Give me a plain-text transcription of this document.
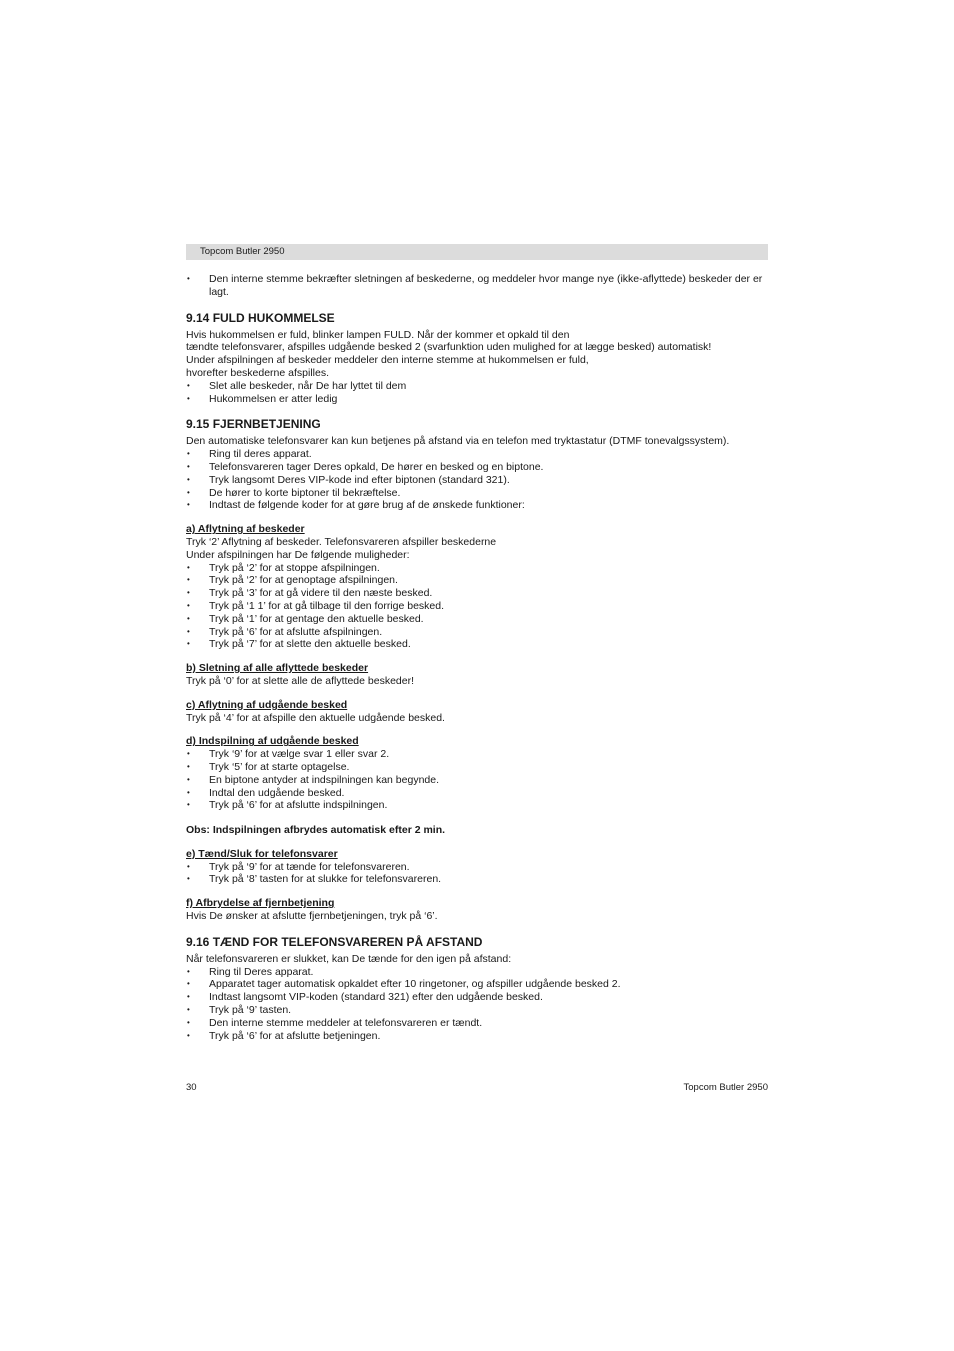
Topcom Butler 2950
• Den interne stemme bekræfter sletningen af beskederne, og meddeler hvor mange nye (ikke-aflyttede) beskeder der er lagt.
9.14 FULD HUKOMMELSE

Hvis hukommelsen er fuld, blinker lampen FULD. Når der kommer et opkald til den

tændte telefonsvarer, afspilles udgående besked 2 (svarfunktion uden mulighed for at lægge besked) automatisk!

Under afspilningen af beskeder meddeler den interne stemme at hukommelsen er fuld,

hvorefter beskederne afspilles.

• Slet alle beskeder, når De har lyttet til dem
• Hukommelsen er atter ledig
9.15 FJERNBETJENING

Den automatiske telefonsvarer kan kun betjenes på afstand via en telefon med tryktastatur (DTMF tonevalgssystem).

• Ring til deres apparat.
• Telefonsvareren tager Deres opkald, De hører en besked og en biptone.
• Tryk langsomt Deres VIP-kode ind efter biptonen (standard 321).
• De hører to korte biptoner til bekræftelse.
• Indtast de følgende koder for at gøre brug af de ønskede funktioner:
a) Aflytning af beskeder

Tryk ‘2’ Aflytning af beskeder. Telefonsvareren afspiller beskederne

Under afspilningen har De følgende muligheder:

• Tryk på ‘2’ for at stoppe afspilningen.
• Tryk på ‘2’ for at genoptage afspilningen.
• Tryk på ‘3’ for at gå videre til den næste besked.
• Tryk på ‘1 1’ for at gå tilbage til den forrige besked.
• Tryk på ‘1’ for at gentage den aktuelle besked.
• Tryk på ‘6’ for at afslutte afspilningen.
• Tryk på ‘7’ for at slette den aktuelle besked.
b) Sletning af alle aflyttede beskeder

Tryk på ‘0’ for at slette alle de aflyttede beskeder!

c) Aflytning af udgående besked

Tryk på ‘4’ for at afspille den aktuelle udgående besked.

d) Indspilning af udgående besked
• Tryk ‘9’ for at vælge svar 1 eller svar 2.
• Tryk ‘5’ for at starte optagelse.
• En biptone antyder at indspilningen kan begynde.
• Indtal den udgående besked.
• Tryk på ‘6’ for at afslutte indspilningen.

Obs: Indspilningen afbrydes automatisk efter 2 min.

e) Tænd/Sluk for telefonsvarer
• Tryk på ‘9’ for at tænde for telefonsvareren.
• Tryk på ‘8’ tasten for at slukke for telefonsvareren.
f) Afbrydelse af fjernbetjening

Hvis De ønsker at afslutte fjernbetjeningen, tryk på ‘6’.

9.16 TÆND FOR TELEFONSVAREREN PÅ AFSTAND

Når telefonsvareren er slukket, kan De tænde for den igen på afstand:

• Ring til Deres apparat.
• Apparatet tager automatisk opkaldet efter 10 ringetoner, og afspiller udgående besked 2.
• Indtast langsomt VIP-koden (standard 321) efter den udgående besked.
• Tryk på ‘9’ tasten.
• Den interne stemme meddeler at telefonsvareren er tændt.
• Tryk på ‘6’ for at afslutte betjeningen.
30	Topcom Butler 2950
